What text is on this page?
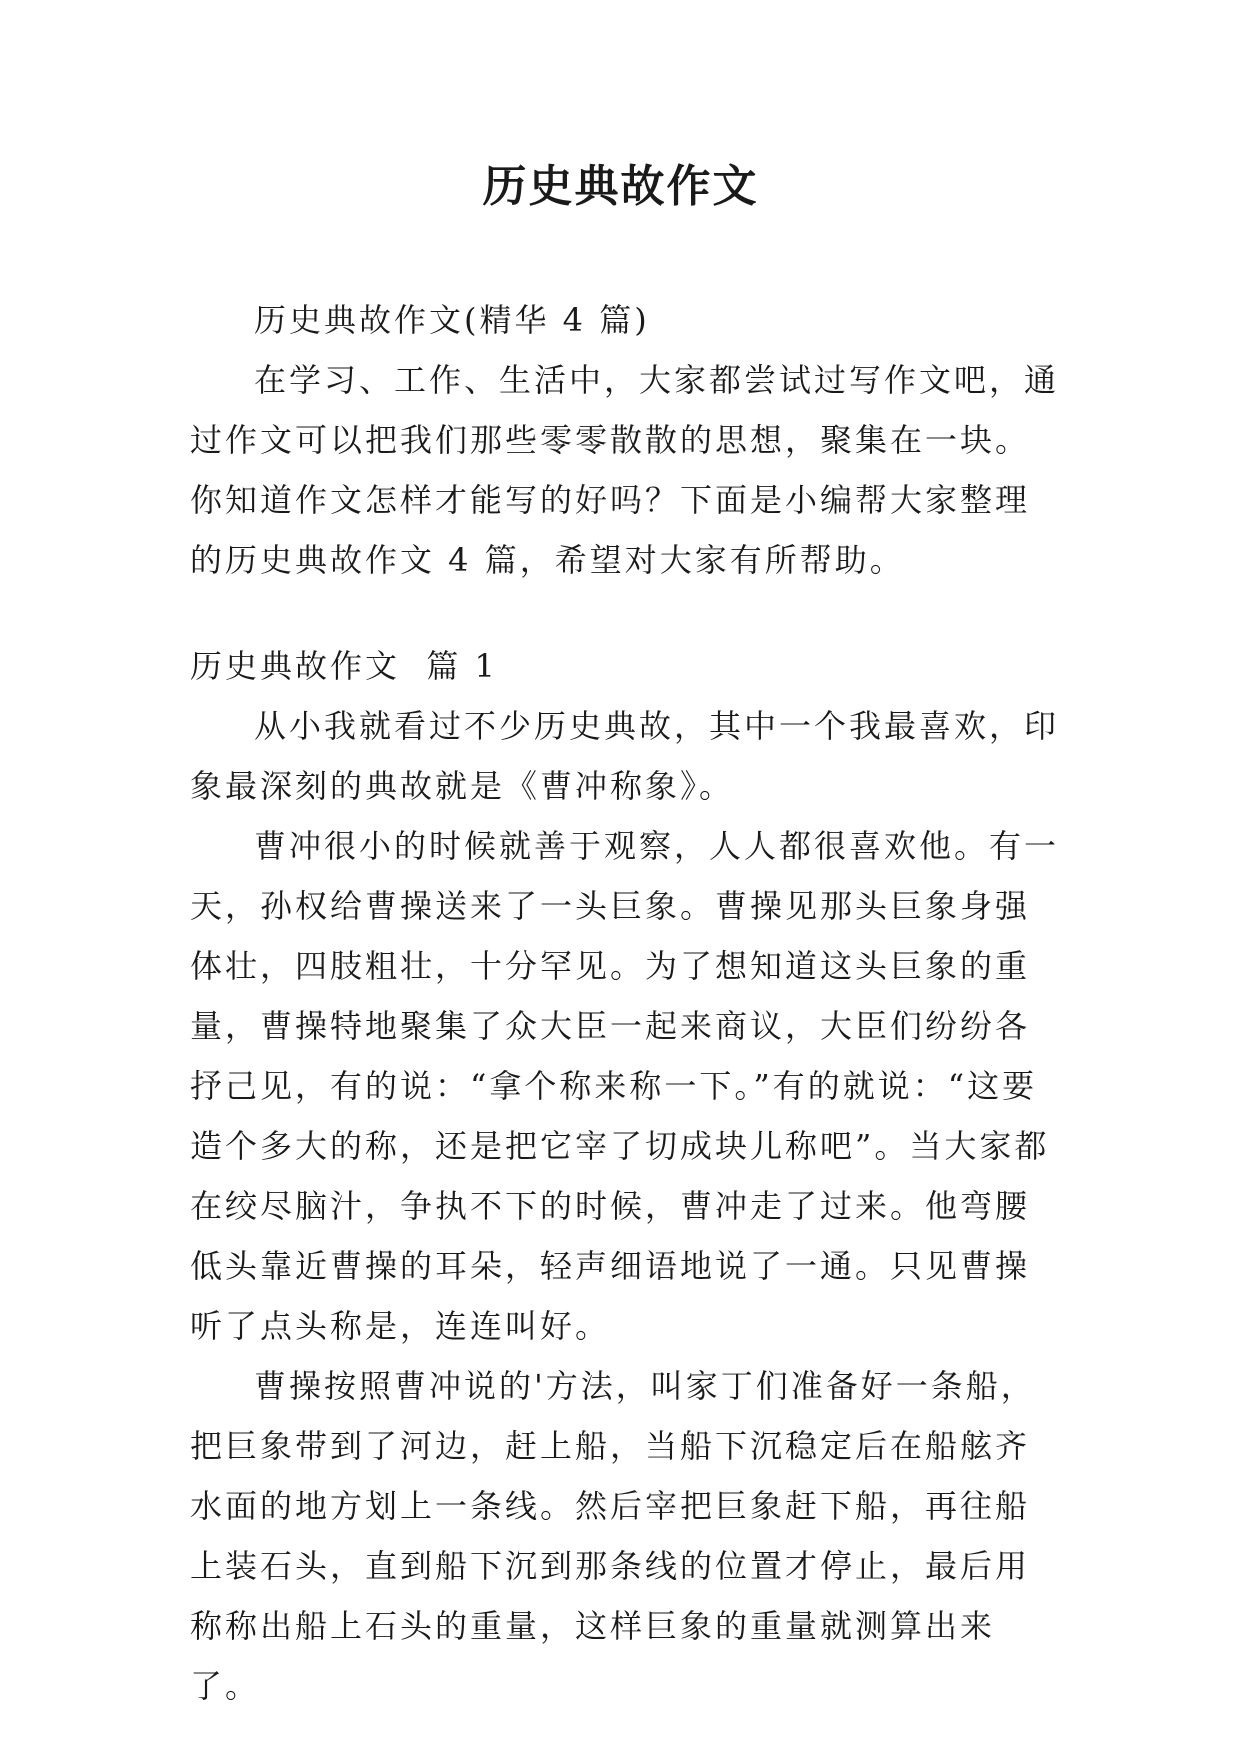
历史典故作文

历史典故作文(精华 4 篇)

在学习、工作、生活中，大家都尝试过写作文吧，通过作文可以把我们那些零零散散的思想，聚集在一块。你知道作文怎样才能写的好吗？下面是小编帮大家整理的历史典故作文 4 篇，希望对大家有所帮助。

历史典故作文  篇 1

从小我就看过不少历史典故，其中一个我最喜欢，印象最深刻的典故就是《曹冲称象》。

曹冲很小的时候就善于观察，人人都很喜欢他。有一天，孙权给曹操送来了一头巨象。曹操见那头巨象身强体壮，四肢粗壮，十分罕见。为了想知道这头巨象的重量，曹操特地聚集了众大臣一起来商议，大臣们纷纷各抒己见，有的说：“拿个称来称一下。”有的就说：“这要造个多大的称，还是把它宰了切成块儿称吧”。当大家都在绞尽脑汁，争执不下的时候，曹冲走了过来。他弯腰低头靠近曹操的耳朵，轻声细语地说了一通。只见曹操听了点头称是，连连叫好。

曹操按照曹冲说的'方法，叫家丁们准备好一条船，把巨象带到了河边，赶上船，当船下沉稳定后在船舷齐水面的地方划上一条线。然后宰把巨象赶下船，再往船上装石头，直到船下沉到那条线的位置才停止，最后用称称出船上石头的重量，这样巨象的重量就测算出来了。
